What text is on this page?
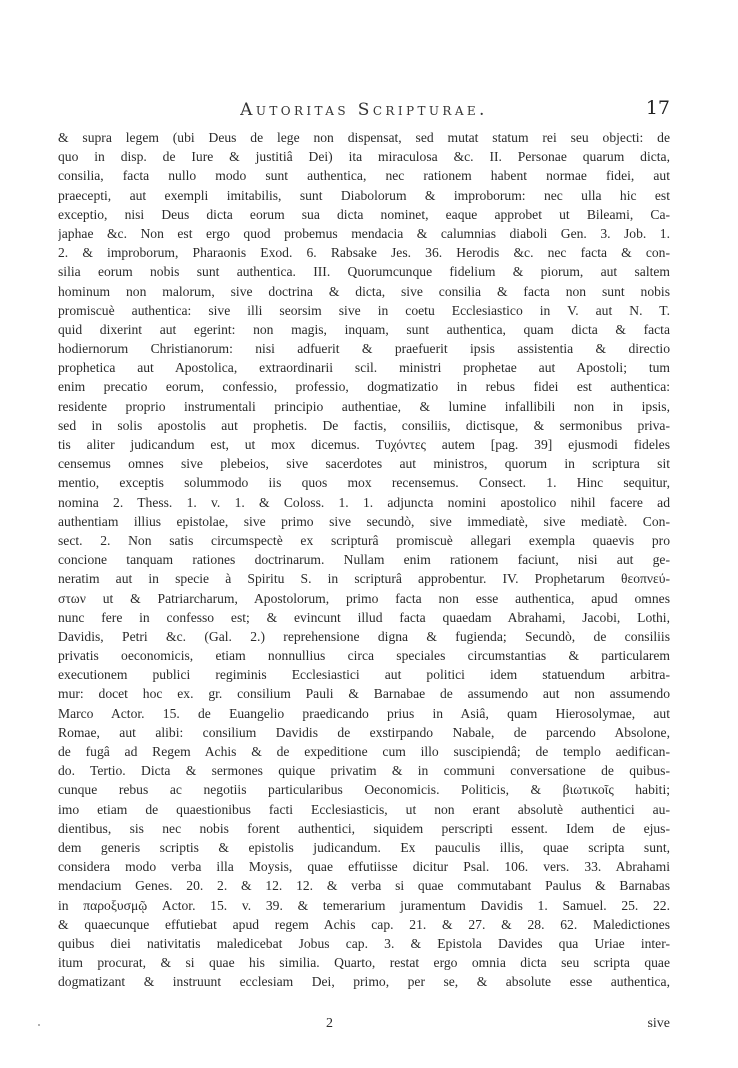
Autoritas Scripturae.	17
& supra legem (ubi Deus de lege non dispensat, sed mutat statum rei seu objecti: de
quo in disp. de Iure & justitiâ Dei) ita miraculosa &c. II. Personae quarum dicta,
consilia, facta nullo modo sunt authentica, nec rationem habent normae fidei, aut
praecepti, aut exempli imitabilis, sunt Diabolorum & improborum: nec ulla hic est
exceptio, nisi Deus dicta eorum sua dicta nominet, eaque approbet ut Bileami, Ca-
japhae &c. Non est ergo quod probemus mendacia & calumnias diaboli Gen. 3. Job. 1.
2. & improborum, Pharaonis Exod. 6. Rabsake Jes. 36. Herodis &c. nec facta & con-
silia eorum nobis sunt authentica. III. Quorumcunque fidelium & piorum, aut saltem
hominum non malorum, sive doctrina & dicta, sive consilia & facta non sunt nobis
promiscuè authentica: sive illi seorsim sive in coetu Ecclesiastico in V. aut N. T.
quid dixerint aut egerint: non magis, inquam, sunt authentica, quam dicta & facta
hodiernorum Christianorum: nisi adfuerit & praefuerit ipsis assistentia & directio
prophetica aut Apostolica, extraordinarii scil. ministri prophetae aut Apostoli; tum
enim precatio eorum, confessio, professio, dogmatizatio in rebus fidei est authentica:
residente proprio instrumentali principio authentiae, & lumine infallibili non in ipsis,
sed in solis apostolis aut prophetis. De factis, consiliis, dictisque, & sermonibus priva-
tis aliter judicandum est, ut mox dicemus. Τυχόντες autem [pag. 39] ejusmodi fideles
censemus omnes sive plebeios, sive sacerdotes aut ministros, quorum in scriptura sit
mentio, exceptis solummodo iis quos mox recensemus. Consect. 1. Hinc sequitur,
nomina 2. Thess. 1. v. 1. & Coloss. 1. 1. adjuncta nomini apostolico nihil facere ad
authentiam illius epistolae, sive primo sive secundò, sive immediatè, sive mediatè. Con-
sect. 2. Non satis circumspectè ex scripturâ promiscuè allegari exempla quaevis pro
concione tanquam rationes doctrinarum. Nullam enim rationem faciunt, nisi aut ge-
neratim aut in specie à Spiritu S. in scripturâ approbentur. IV. Prophetarum θεοπνεύ-
στων ut & Patriarcharum, Apostolorum, primo facta non esse authentica, apud omnes
nunc fere in confesso est; & evincunt illud facta quaedam Abrahami, Jacobi, Lothi,
Davidis, Petri &c. (Gal. 2.) reprehensione digna & fugienda; Secundò, de consiliis
privatis oeconomicis, etiam nonnullius circa speciales circumstantias & particularem
executionem publici regiminis Ecclesiastici aut politici idem statuendum arbitra-
mur: docet hoc ex. gr. consilium Pauli & Barnabae de assumendo aut non assumendo
Marco Actor. 15. de Euangelio praedicando prius in Asiâ, quam Hierosolymae, aut
Romae, aut alibi: consilium Davidis de exstirpando Nabale, de parcendo Absolone,
de fugâ ad Regem Achis & de expeditione cum illo suscipiendâ; de templo aedifican-
do. Tertio. Dicta & sermones quique privatim & in communi conversatione de quibus-
cunque rebus ac negotiis particularibus Oeconomicis. Politicis, & βιωτικοῖς habiti;
imo etiam de quaestionibus facti Ecclesiasticis, ut non erant absolutè authentici au-
dientibus, sis nec nobis forent authentici, siquidem perscripti essent. Idem de ejus-
dem generis scriptis & epistolis judicandum. Ex pauculis illis, quae scripta sunt,
considera modo verba illa Moysis, quae effutiisse dicitur Psal. 106. vers. 33. Abrahami
mendacium Genes. 20. 2. & 12. 12. & verba si quae commutabant Paulus & Barnabas
in παροξυσμῷ Actor. 15. v. 39. & temerarium juramentum Davidis 1. Samuel. 25. 22.
& quaecunque effutiebat apud regem Achis cap. 21. & 27. & 28. 62. Maledictiones
quibus diei nativitatis maledicebat Jobus cap. 3. & Epistola Davides qua Uriae inter-
itum procurat, & si quae his similia. Quarto, restat ergo omnia dicta seu scripta quae
dogmatizant & instruunt ecclesiam Dei, primo, per se, & absolute esse authentica,
2	sive
